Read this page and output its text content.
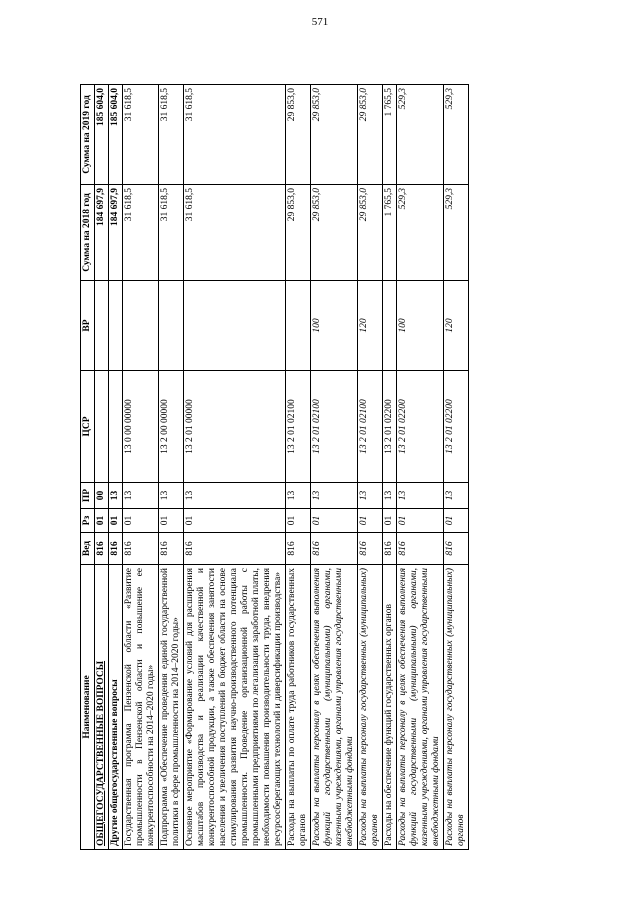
571
Наименование	Вед	Рз	ПР	ЦСР	ВР	Сумма на 2018 год	Сумма на 2019 год
ОБЩЕГОСУДАРСТВЕННЫЕ ВОПРОСЫ	816	01	00			184 697,9	185 604,0
Другие общегосударственные вопросы	816	01	13			184 697,9	185 604,0
Государственная программа Пензенской области «Развитие промышленности в Пензенской области и повышение ее конкурентоспособности на 2014–2020 годы»	816	01	13	13 0 00 00000		31 618,5	31 618,5
Подпрограмма «Обеспечение проведения единой государственной политики в сфере промышленности на 2014–2020 годы»	816	01	13	13 2 00 00000		31 618,5	31 618,5
Основное мероприятие «Формирование условий для расширения масштабов производства и реализации качественной и конкурентоспособной продукции, а также обеспечения занятости населения и увеличения поступлений в бюджет области на основе стимулирования развития научно-производственного потенциала промышленности. Проведение организационной работы с промышленными предприятиями по легализации заработной платы, необходимости повышения производительности труда, внедрения ресурсосберегающих технологий и диверсификации производства»	816	01	13	13 2 01 00000		31 618,5	31 618,5
Расходы на выплаты по оплате труда работников государственных органов	816	01	13	13 2 01 02100		29 853,0	29 853,0
Расходы на выплаты персоналу в целях обеспечения выполнения функций государственными (муниципальными) органами, казенными учреждениями, органами управления государственными внебюджетными фондами	816	01	13	13 2 01 02100	100	29 853,0	29 853,0
Расходы на выплаты персоналу государственных (муниципальных) органов	816	01	13	13 2 01 02100	120	29 853,0	29 853,0
Расходы на обеспечение функций государственных органов	816	01	13	13 2 01 02200		1 765,5	1 765,5
Расходы на выплаты персоналу в целях обеспечения выполнения функций государственными (муниципальными) органами, казенными учреждениями, органами управления государственными внебюджетными фондами	816	01	13	13 2 01 02200	100	529,3	529,3
Расходы на выплаты персоналу государственных (муниципальных) органов	816	01	13	13 2 01 02200	120	529,3	529,3
